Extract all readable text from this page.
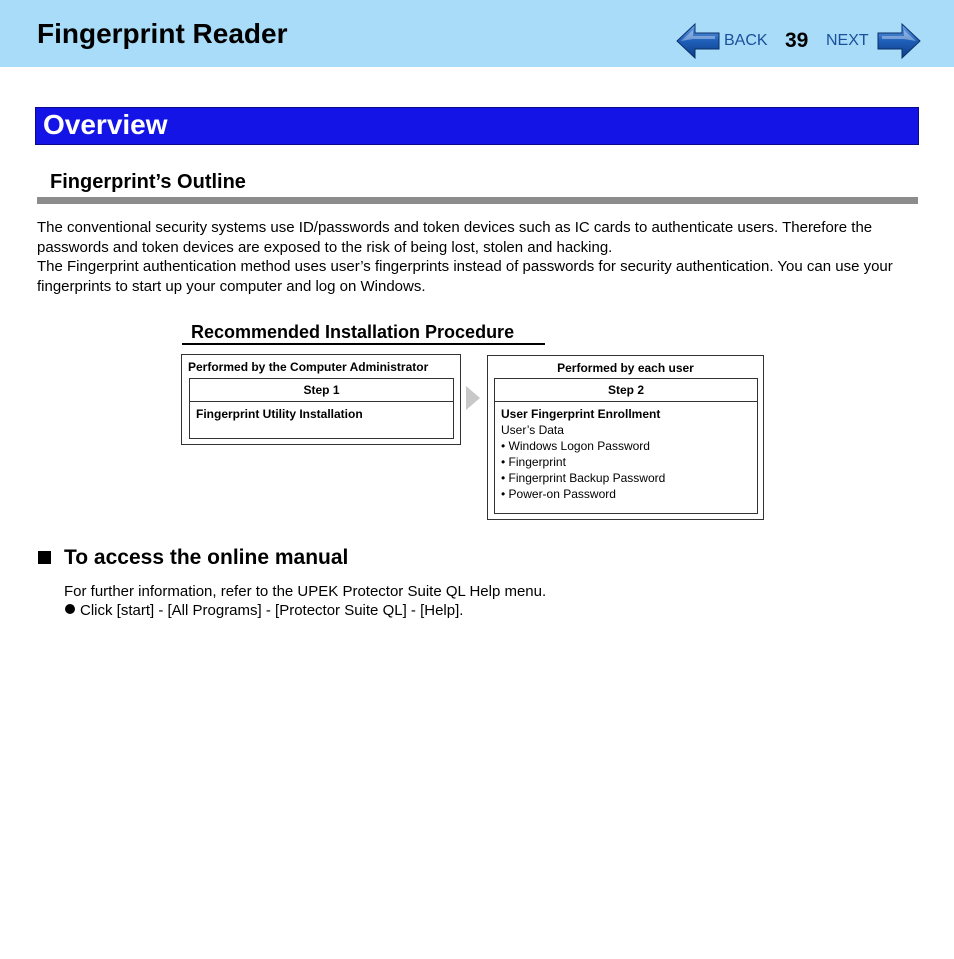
Fingerprint Reader	BACK 39 NEXT
Overview
Fingerprint’s Outline

The conventional security systems use ID/passwords and token devices such as IC cards to authenticate users. Therefore the passwords and token devices are exposed to the risk of being lost, stolen and hacking.

The Fingerprint authentication method uses user’s fingerprints instead of passwords for security authentication. You can use your fingerprints to start up your computer and log on Windows.

Recommended Installation Procedure
Performed by the Computer Administrator
Step 1
Fingerprint Utility Installation
Performed by each user
Step 2
User Fingerprint Enrollment
User’s Data
• Windows Logon Password
• Fingerprint
• Fingerprint Backup Password
• Power-on Password
To access the online manual
For further information, refer to the UPEK Protector Suite QL Help menu.
Click [start] - [All Programs] - [Protector Suite QL] - [Help].
